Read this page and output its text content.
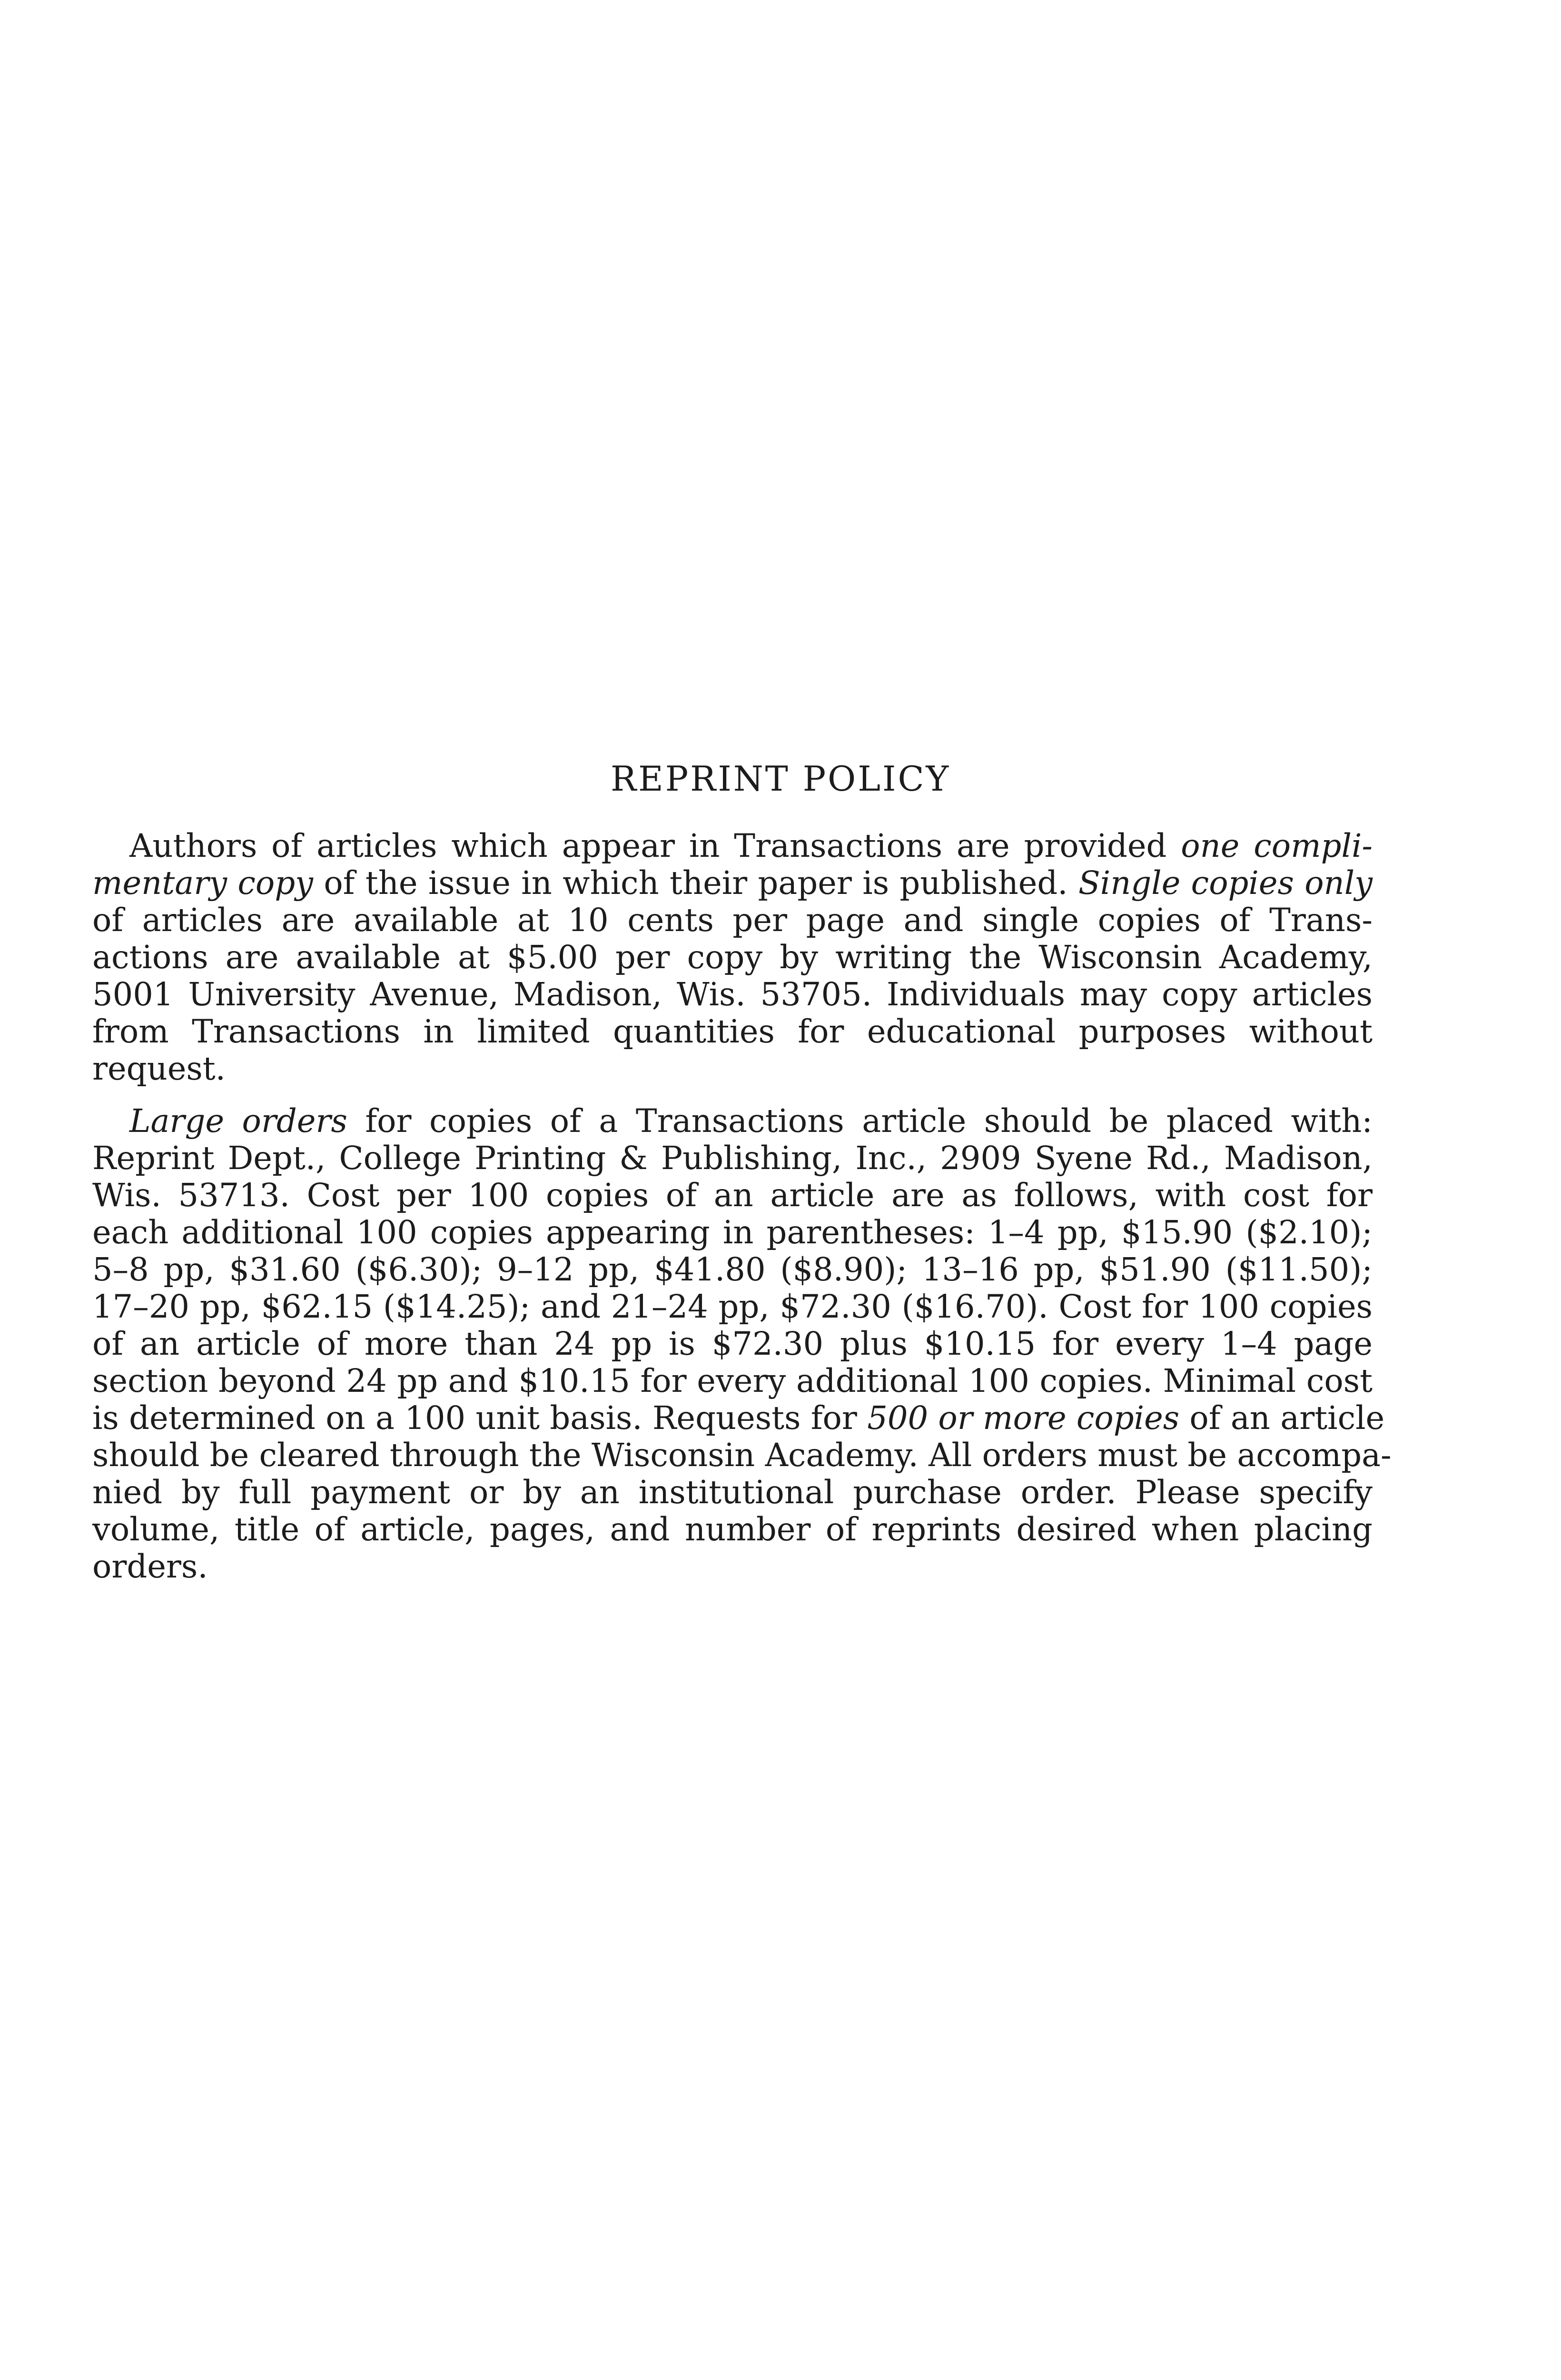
REPRINT POLICY
Authors of articles which appear in Transactions are provided one compli-
mentary copy of the issue in which their paper is published. Single copies only
of articles are available at 10 cents per page and single copies of Trans-
actions are available at $5.00 per copy by writing the Wisconsin Academy,
5001 University Avenue, Madison, Wis. 53705. Individuals may copy articles
from Transactions in limited quantities for educational purposes without
request.
Large orders for copies of a Transactions article should be placed with:
Reprint Dept., College Printing & Publishing, Inc., 2909 Syene Rd., Madison,
Wis. 53713. Cost per 100 copies of an article are as follows, with cost for
each additional 100 copies appearing in parentheses: 1–4 pp, $15.90 ($2.10);
5–8 pp, $31.60 ($6.30); 9–12 pp, $41.80 ($8.90); 13–16 pp, $51.90 ($11.50);
17–20 pp, $62.15 ($14.25); and 21–24 pp, $72.30 ($16.70). Cost for 100 copies
of an article of more than 24 pp is $72.30 plus $10.15 for every 1–4 page
section beyond 24 pp and $10.15 for every additional 100 copies. Minimal cost
is determined on a 100 unit basis. Requests for 500 or more copies of an article
should be cleared through the Wisconsin Academy. All orders must be accompa-
nied by full payment or by an institutional purchase order. Please specify
volume, title of article, pages, and number of reprints desired when placing
orders.
